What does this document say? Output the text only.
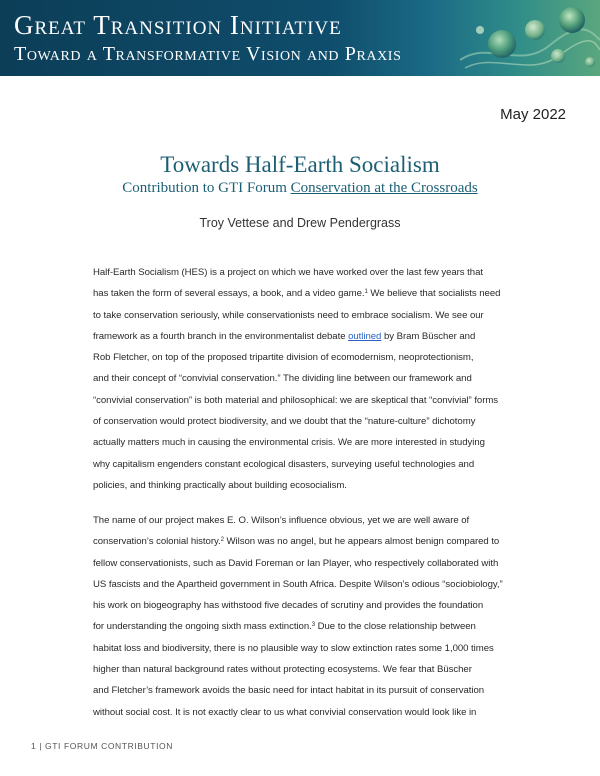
Great Transition Initiative
Toward a Transformative Vision and Praxis
May 2022
Towards Half-Earth Socialism
Contribution to GTI Forum Conservation at the Crossroads
Troy Vettese and Drew Pendergrass
Half-Earth Socialism (HES) is a project on which we have worked over the last few years that
has taken the form of several essays, a book, and a video game.$^1$ We believe that socialists need
to take conservation seriously, while conservationists need to embrace socialism. We see our
framework as a fourth branch in the environmentalist debate outlined by Bram Büscher and
Rob Fletcher, on top of the proposed tripartite division of ecomodernism, neoprotectionism,
and their concept of “convivial conservation.” The dividing line between our framework and
“convivial conservation” is both material and philosophical: we are skeptical that “convivial” forms
of conservation would protect biodiversity, and we doubt that the “nature-culture” dichotomy
actually matters much in causing the environmental crisis. We are more interested in studying
why capitalism engenders constant ecological disasters, surveying useful technologies and
policies, and thinking practically about building ecosocialism.
The name of our project makes E. O. Wilson’s influence obvious, yet we are well aware of
conservation’s colonial history.$^2$ Wilson was no angel, but he appears almost benign compared to
fellow conservationists, such as David Foreman or Ian Player, who respectively collaborated with
US fascists and the Apartheid government in South Africa. Despite Wilson’s odious “sociobiology,”
his work on biogeography has withstood five decades of scrutiny and provides the foundation
for understanding the ongoing sixth mass extinction.$^3$ Due to the close relationship between
habitat loss and biodiversity, there is no plausible way to slow extinction rates some 1,000 times
higher than natural background rates without protecting ecosystems. We fear that Büscher
and Fletcher’s framework avoids the basic need for intact habitat in its pursuit of conservation
without social cost. It is not exactly clear to us what convivial conservation would look like in
1 | GTI FORUM CONTRIBUTION
